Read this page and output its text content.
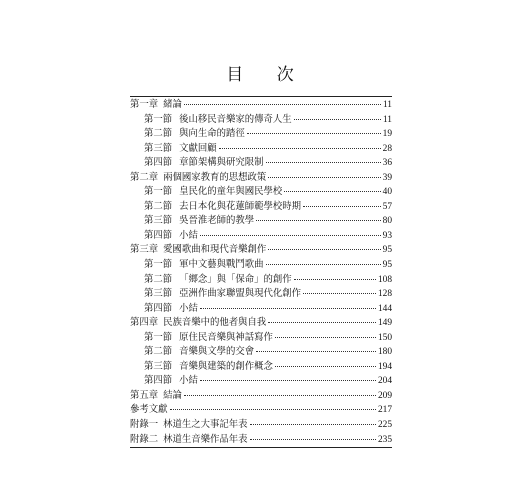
目 次
第一章 緒論	11
第一節 後山移民音樂家的傳奇人生	11
第二節 與向生命的踏徑	19
第三節 文獻回顧	28
第四節 章節架構與研究限制	36
第二章 兩個國家教育的思想政策	39
第一節 皇民化的童年與國民學校	40
第二節 去日本化與花蓮師範學校時期	57
第三節 吳晉淮老師的教學	80
第四節 小結	93
第三章 愛國歌曲和現代音樂創作	95
第一節 軍中文藝與戰鬥歌曲	95
第二節 「鄉念」與「保命」的創作	108
第三節 亞洲作曲家聯盟與現代化創作	128
第四節 小結	144
第四章 民族音樂中的他者與自我	149
第一節 原住民音樂與神話寫作	150
第二節 音樂與文學的交會	180
第三節 音樂與建築的創作概念	194
第四節 小結	204
第五章 結論	209
參考文獻	217
附錄一 林道生之大事記年表	225
附錄二 林道生音樂作品年表	235
